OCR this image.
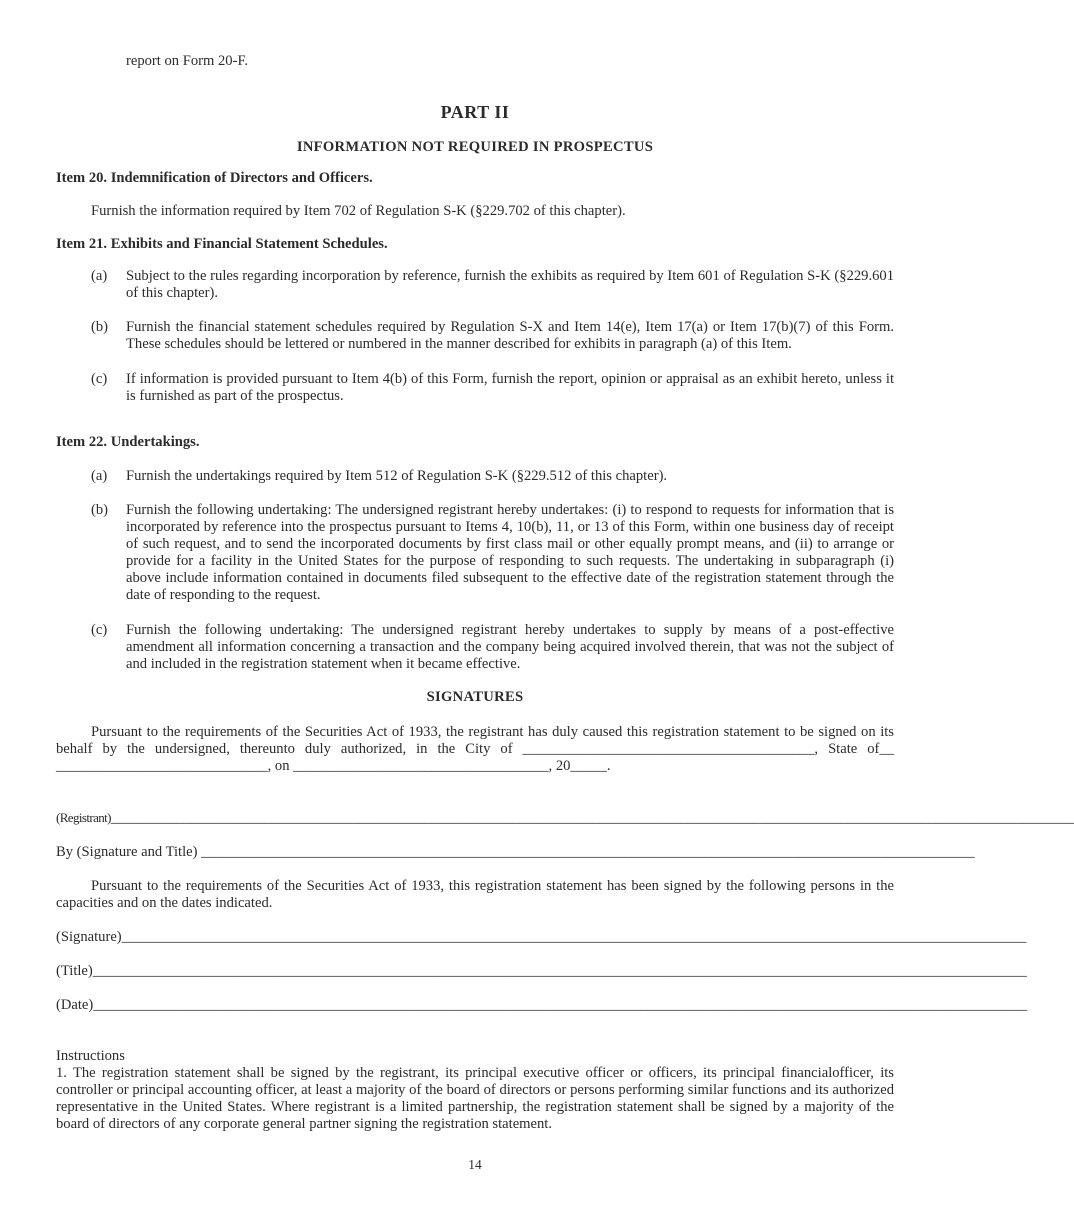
report on Form 20-F.
PART II
INFORMATION NOT REQUIRED IN PROSPECTUS
Item 20. Indemnification of Directors and Officers.
Furnish the information required by Item 702 of Regulation S-K (§229.702 of this chapter).
Item 21. Exhibits and Financial Statement Schedules.
(a)	Subject to the rules regarding incorporation by reference, furnish the exhibits as required by Item 601 of Regulation S-K (§229.601 of this chapter).
(b)	Furnish the financial statement schedules required by Regulation S-X and Item 14(e), Item 17(a) or Item 17(b)(7) of this Form. These schedules should be lettered or numbered in the manner described for exhibits in paragraph (a) of this Item.
(c)	If information is provided pursuant to Item 4(b) of this Form, furnish the report, opinion or appraisal as an exhibit hereto, unless it is furnished as part of the prospectus.
Item 22. Undertakings.
(a)	Furnish the undertakings required by Item 512 of Regulation S-K (§229.512 of this chapter).
(b)	Furnish the following undertaking: The undersigned registrant hereby undertakes: (i) to respond to requests for information that is incorporated by reference into the prospectus pursuant to Items 4, 10(b), 11, or 13 of this Form, within one business day of receipt of such request, and to send the incorporated documents by first class mail or other equally prompt means, and (ii) to arrange or provide for a facility in the United States for the purpose of responding to such requests. The undertaking in subparagraph (i) above include information contained in documents filed subsequent to the effective date of the registration statement through the date of responding to the request.
(c)	Furnish the following undertaking: The undersigned registrant hereby undertakes to supply by means of a post-effective amendment all information concerning a transaction and the company being acquired involved therein, that was not the subject of and included in the registration statement when it became effective.
SIGNATURES
Pursuant to the requirements of the Securities Act of 1933, the registrant has duly caused this registration statement to be signed on its behalf by the undersigned, thereunto duly authorized, in the City of ________________________________________, State of__ _____________________________, on ___________________________________, 20_____.
(Registrant)____________________________________________________________________________________________________________________________________
By (Signature and Title) __________________________________________________________________________________________________________
Pursuant to the requirements of the Securities Act of 1933, this registration statement has been signed by the following persons in the capacities and on the dates indicated.
(Signature)____________________________________________________________________________________________________________________________
(Title)________________________________________________________________________________________________________________________________
(Date)________________________________________________________________________________________________________________________________
Instructions
1. The registration statement shall be signed by the registrant, its principal executive officer or officers, its principal financialofficer, its controller or principal accounting officer, at least a majority of the board of directors or persons performing similar functions and its authorized representative in the United States. Where registrant is a limited partnership, the registration statement shall be signed by a majority of the board of directors of any corporate general partner signing the registration statement.
14
